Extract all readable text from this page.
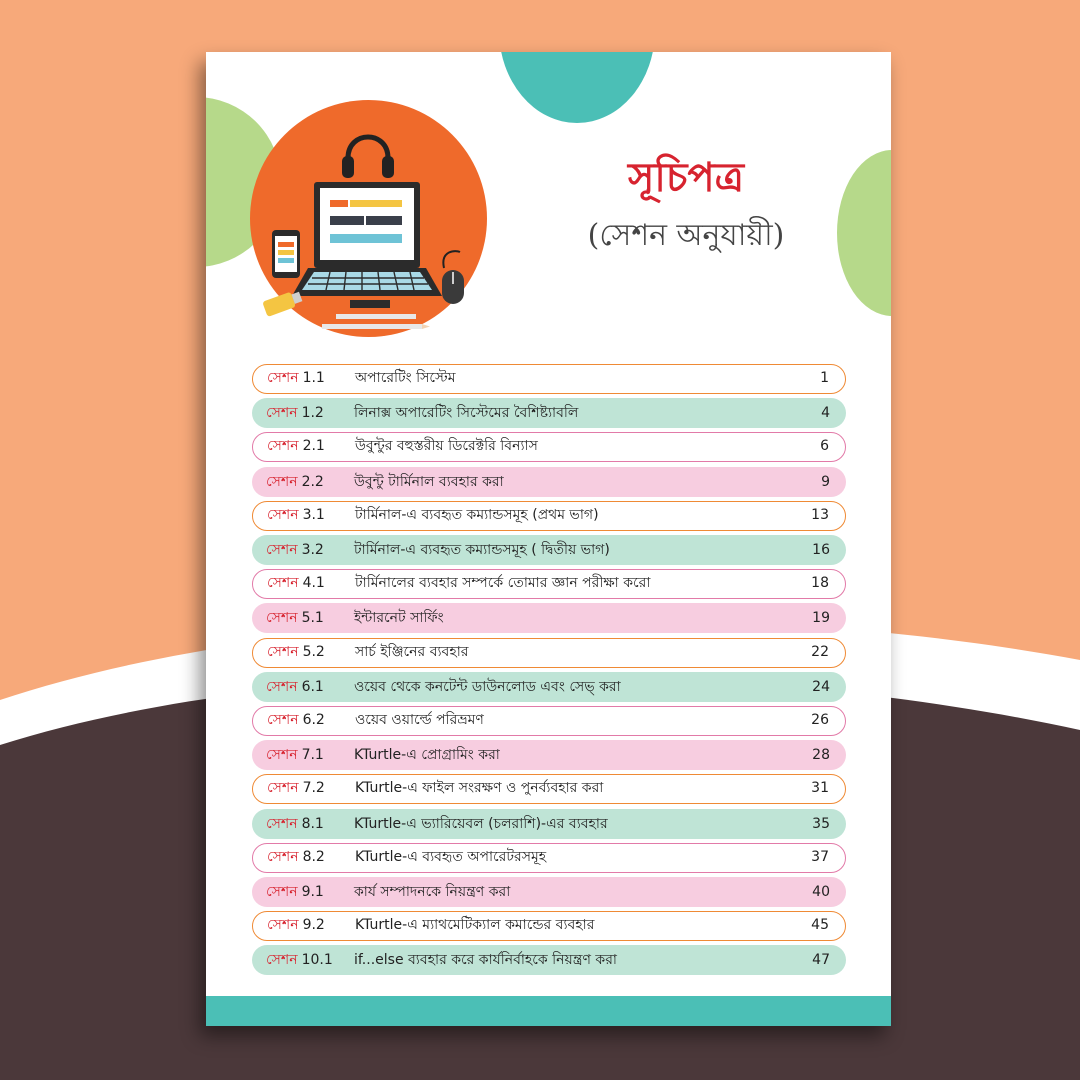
সূচিপত্র
(সেশন অনুযায়ী)
সেশন 1.1 অপারেটিং সিস্টেম	1
সেশন 1.2 লিনাক্স অপারেটিং সিস্টেমের বৈশিষ্ট্যাবলি	4
সেশন 2.1 উবুন্টুর বহুস্তরীয় ডিরেক্টরি বিন্যাস	6
সেশন 2.2 উবুন্টু টার্মিনাল ব্যবহার করা	9
সেশন 3.1 টার্মিনাল-এ ব্যবহৃত কম্যান্ডসমূহ (প্রথম ভাগ)	13
সেশন 3.2 টার্মিনাল-এ ব্যবহৃত কম্যান্ডসমূহ ( দ্বিতীয় ভাগ)	16
সেশন 4.1 টার্মিনালের ব্যবহার সম্পর্কে তোমার জ্ঞান পরীক্ষা করো	18
সেশন 5.1 ইন্টারনেট সার্ফিং	19
সেশন 5.2 সার্চ ইঞ্জিনের ব্যবহার	22
সেশন 6.1 ওয়েব থেকে কনটেন্ট ডাউনলোড এবং সেভ্ করা	24
সেশন 6.2 ওয়েব ওয়ার্ল্ডে পরিভ্রমণ	26
সেশন 7.1 KTurtle-এ প্রোগ্রামিং করা	28
সেশন 7.2 KTurtle-এ ফাইল সংরক্ষণ ও পুনর্ব্যবহার করা	31
সেশন 8.1 KTurtle-এ ভ্যারিয়েবল (চলরাশি)-এর ব্যবহার	35
সেশন 8.2 KTurtle-এ ব্যবহৃত অপারেটরসমূহ	37
সেশন 9.1 কার্য সম্পাদনকে নিয়ন্ত্রণ করা	40
সেশন 9.2 KTurtle-এ ম্যাথমেটিক্যাল কমান্ডের ব্যবহার	45
সেশন 10.1 if...else ব্যবহার করে কার্যনির্বাহকে নিয়ন্ত্রণ করা	47
